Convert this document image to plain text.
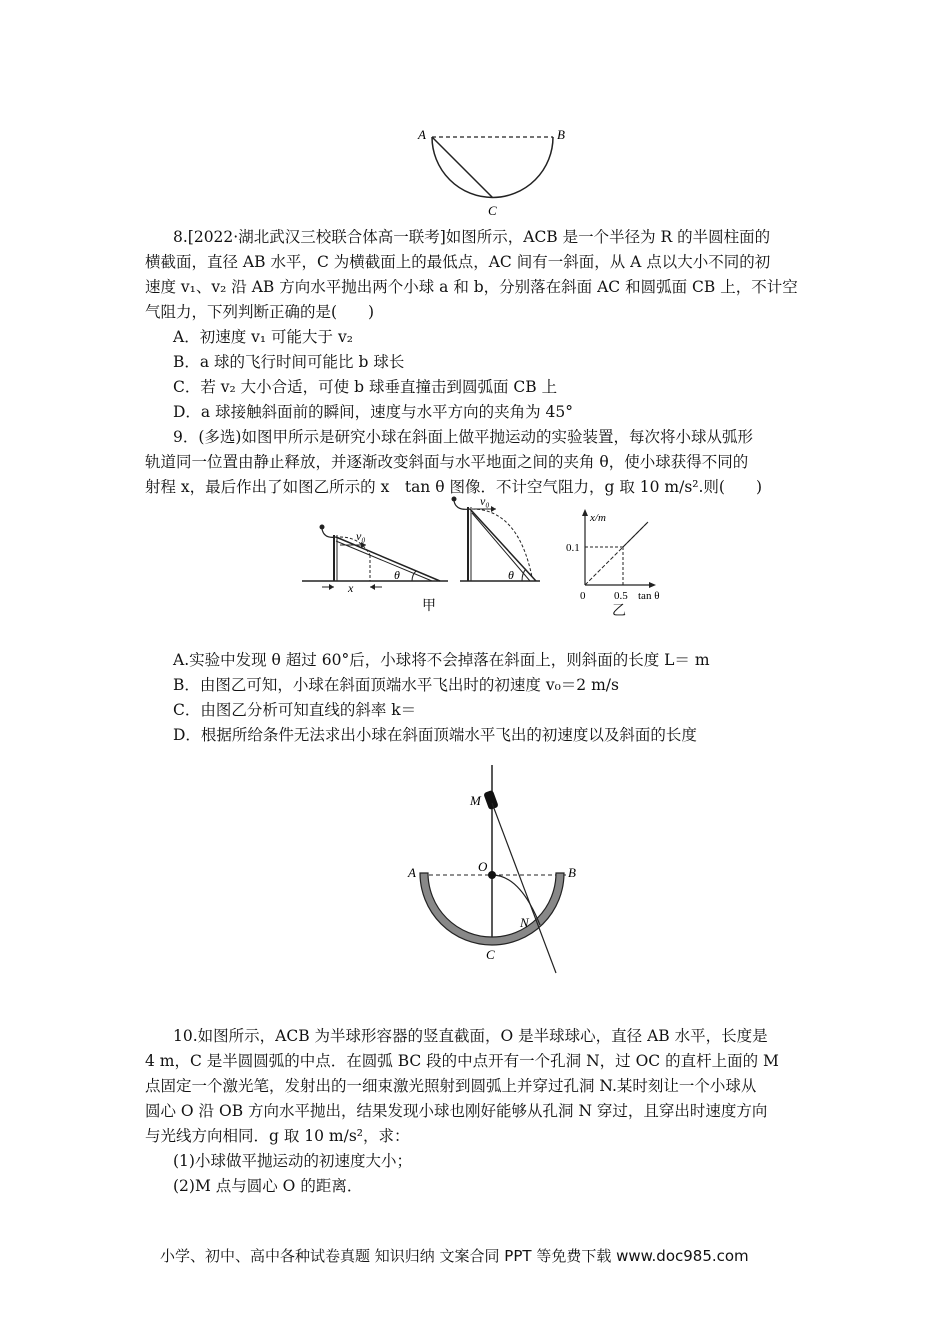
A	B
C
8.[2022·湖北武汉三校联合体高一联考]如图所示，ACB 是一个半径为 R 的半圆柱面的
横截面，直径 AB 水平，C 为横截面上的最低点，AC 间有一斜面，从 A 点以大小不同的初
速度 v₁、v₂ 沿 AB 方向水平抛出两个小球 a 和 b，分别落在斜面 AC 和圆弧面 CB 上，不计空
气阻力，下列判断正确的是(　　)
A．初速度 v₁ 可能大于 v₂
B．a 球的飞行时间可能比 b 球长
C．若 v₂ 大小合适，可使 b 球垂直撞击到圆弧面 CB 上
D．a 球接触斜面前的瞬间，速度与水平方向的夹角为 45°
9．(多选)如图甲所示是研究小球在斜面上做平抛运动的实验装置，每次将小球从弧形
轨道同一位置由静止释放，并逐渐改变斜面与水平地面之间的夹角 θ，使小球获得不同的
射程 x，最后作出了如图乙所示的 x　tan θ 图像．不计空气阻力，g 取 10 m/s².则(　　)
v₀
θ
x
v₀
θ
甲
x/m
0.1
0	0.5 tan θ
乙
A.实验中发现 θ 超过 60°后，小球将不会掉落在斜面上，则斜面的长度 L＝ m
B．由图乙可知，小球在斜面顶端水平飞出时的初速度 v₀＝2 m/s
C．由图乙分析可知直线的斜率 k＝
D．根据所给条件无法求出小球在斜面顶端水平飞出的初速度以及斜面的长度
M
O
A	B
N
C
10.如图所示，ACB 为半球形容器的竖直截面，O 是半球球心，直径 AB 水平，长度是
4 m，C 是半圆圆弧的中点．在圆弧 BC 段的中点开有一个孔洞 N，过 OC 的直杆上面的 M
点固定一个激光笔，发射出的一细束激光照射到圆弧上并穿过孔洞 N.某时刻让一个小球从
圆心 O 沿 OB 方向水平抛出，结果发现小球也刚好能够从孔洞 N 穿过，且穿出时速度方向
与光线方向相同．g 取 10 m/s²，求：
(1)小球做平抛运动的初速度大小；
(2)M 点与圆心 O 的距离．
小学、初中、高中各种试卷真题 知识归纳 文案合同 PPT 等免费下载 www.doc985.com
